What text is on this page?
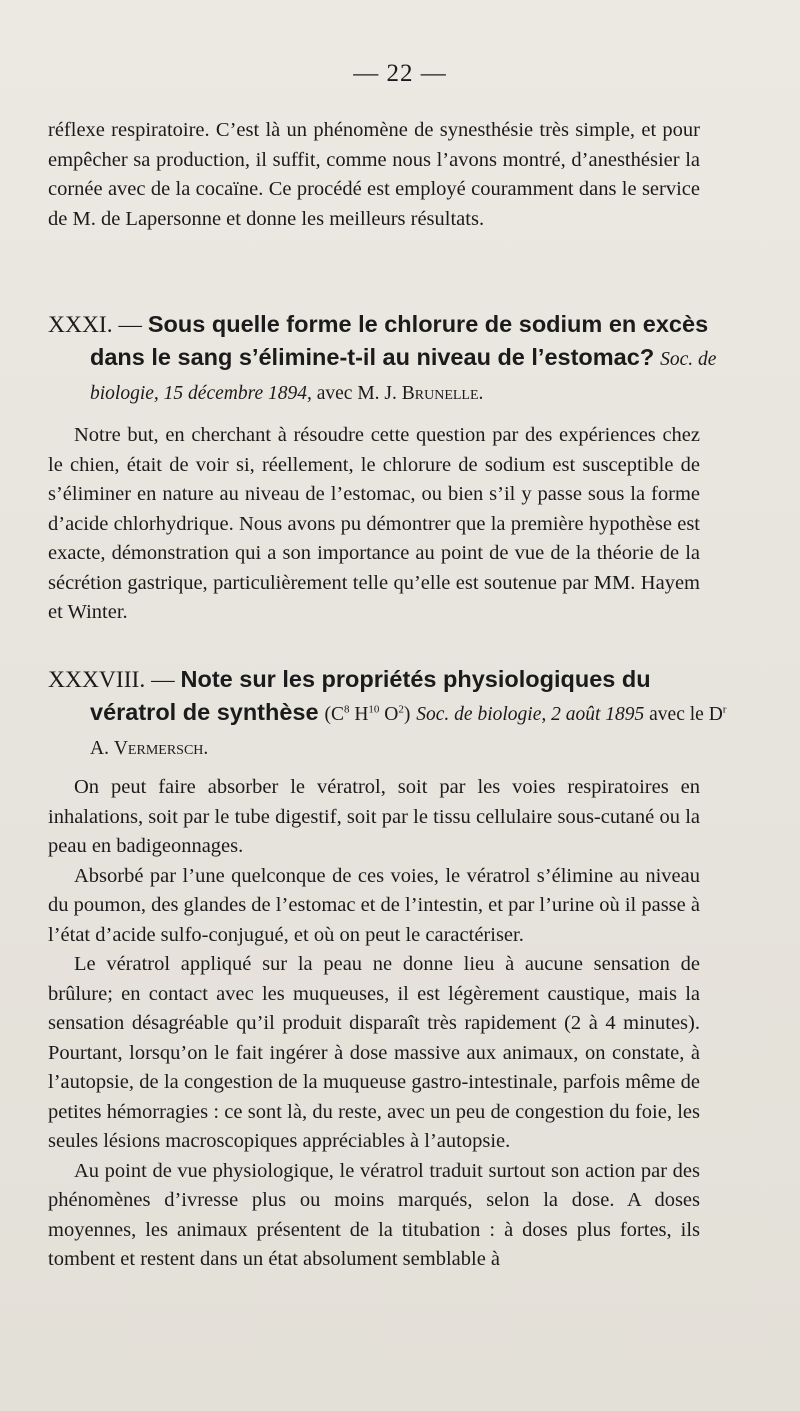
— 22 —

réflexe respiratoire. C’est là un phénomène de synesthésie très simple, et pour empêcher sa production, il suffit, comme nous l’avons montré, d’anesthésier la cornée avec de la cocaïne. Ce procédé est employé couramment dans le service de M. de Lapersonne et donne les meilleurs résultats.

XXXI. — Sous quelle forme le chlorure de sodium en excès dans le sang s’élimine-t-il au niveau de l’estomac? Soc. de biologie, 15 décembre 1894, avec M. J. Brunelle.

Notre but, en cherchant à résoudre cette question par des expériences chez le chien, était de voir si, réellement, le chlorure de sodium est susceptible de s’éliminer en nature au niveau de l’estomac, ou bien s’il y passe sous la forme d’acide chlorhydrique. Nous avons pu démontrer que la première hypothèse est exacte, démonstration qui a son importance au point de vue de la théorie de la sécrétion gastrique, particulièrement telle qu’elle est soutenue par MM. Hayem et Winter.

XXXVIII. — Note sur les propriétés physiologiques du vératrol de synthèse ($C^8$ $H^{10}$ $O^2$) Soc. de biologie, 2 août 1895 avec le $D^r$ A. Vermersch.

On peut faire absorber le vératrol, soit par les voies respiratoires en inhalations, soit par le tube digestif, soit par le tissu cellulaire sous-cutané ou la peau en badigeonnages.

Absorbé par l’une quelconque de ces voies, le vératrol s’élimine au niveau du poumon, des glandes de l’estomac et de l’intestin, et par l’urine où il passe à l’état d’acide sulfo-conjugué, et où on peut le caractériser.

Le vératrol appliqué sur la peau ne donne lieu à aucune sensation de brûlure; en contact avec les muqueuses, il est légèrement caustique, mais la sensation désagréable qu’il produit disparaît très rapidement (2 à 4 minutes). Pourtant, lorsqu’on le fait ingérer à dose massive aux animaux, on constate, à l’autopsie, de la congestion de la muqueuse gastro-intestinale, parfois même de petites hémorragies : ce sont là, du reste, avec un peu de congestion du foie, les seules lésions macroscopiques appréciables à l’autopsie.

Au point de vue physiologique, le vératrol traduit surtout son action par des phénomènes d’ivresse plus ou moins marqués, selon la dose. A doses moyennes, les animaux présentent de la titubation : à doses plus fortes, ils tombent et restent dans un état absolument semblable à
